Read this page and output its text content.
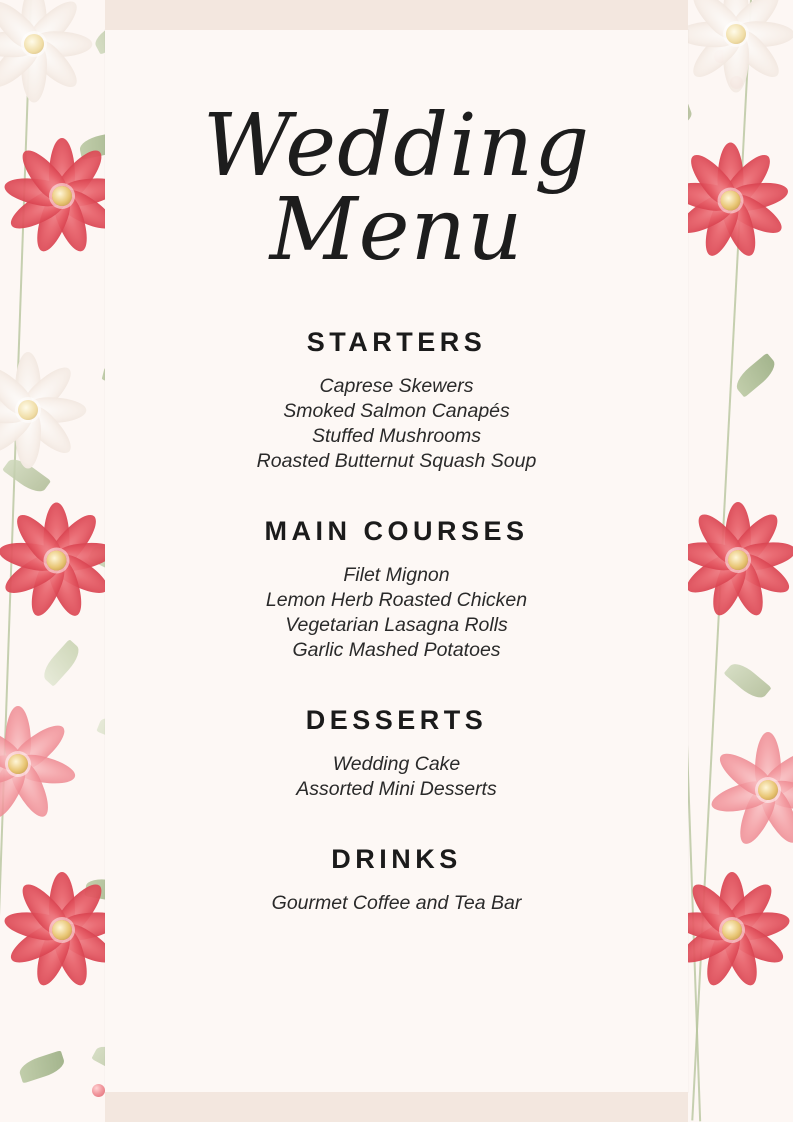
Wedding
Menu
STARTERS
Caprese Skewers
Smoked Salmon Canapés
Stuffed Mushrooms
Roasted Butternut Squash Soup
MAIN COURSES
Filet Mignon
Lemon Herb Roasted Chicken
Vegetarian Lasagna Rolls
Garlic Mashed Potatoes
DESSERTS
Wedding Cake
Assorted Mini Desserts
DRINKS
Gourmet Coffee and Tea Bar
